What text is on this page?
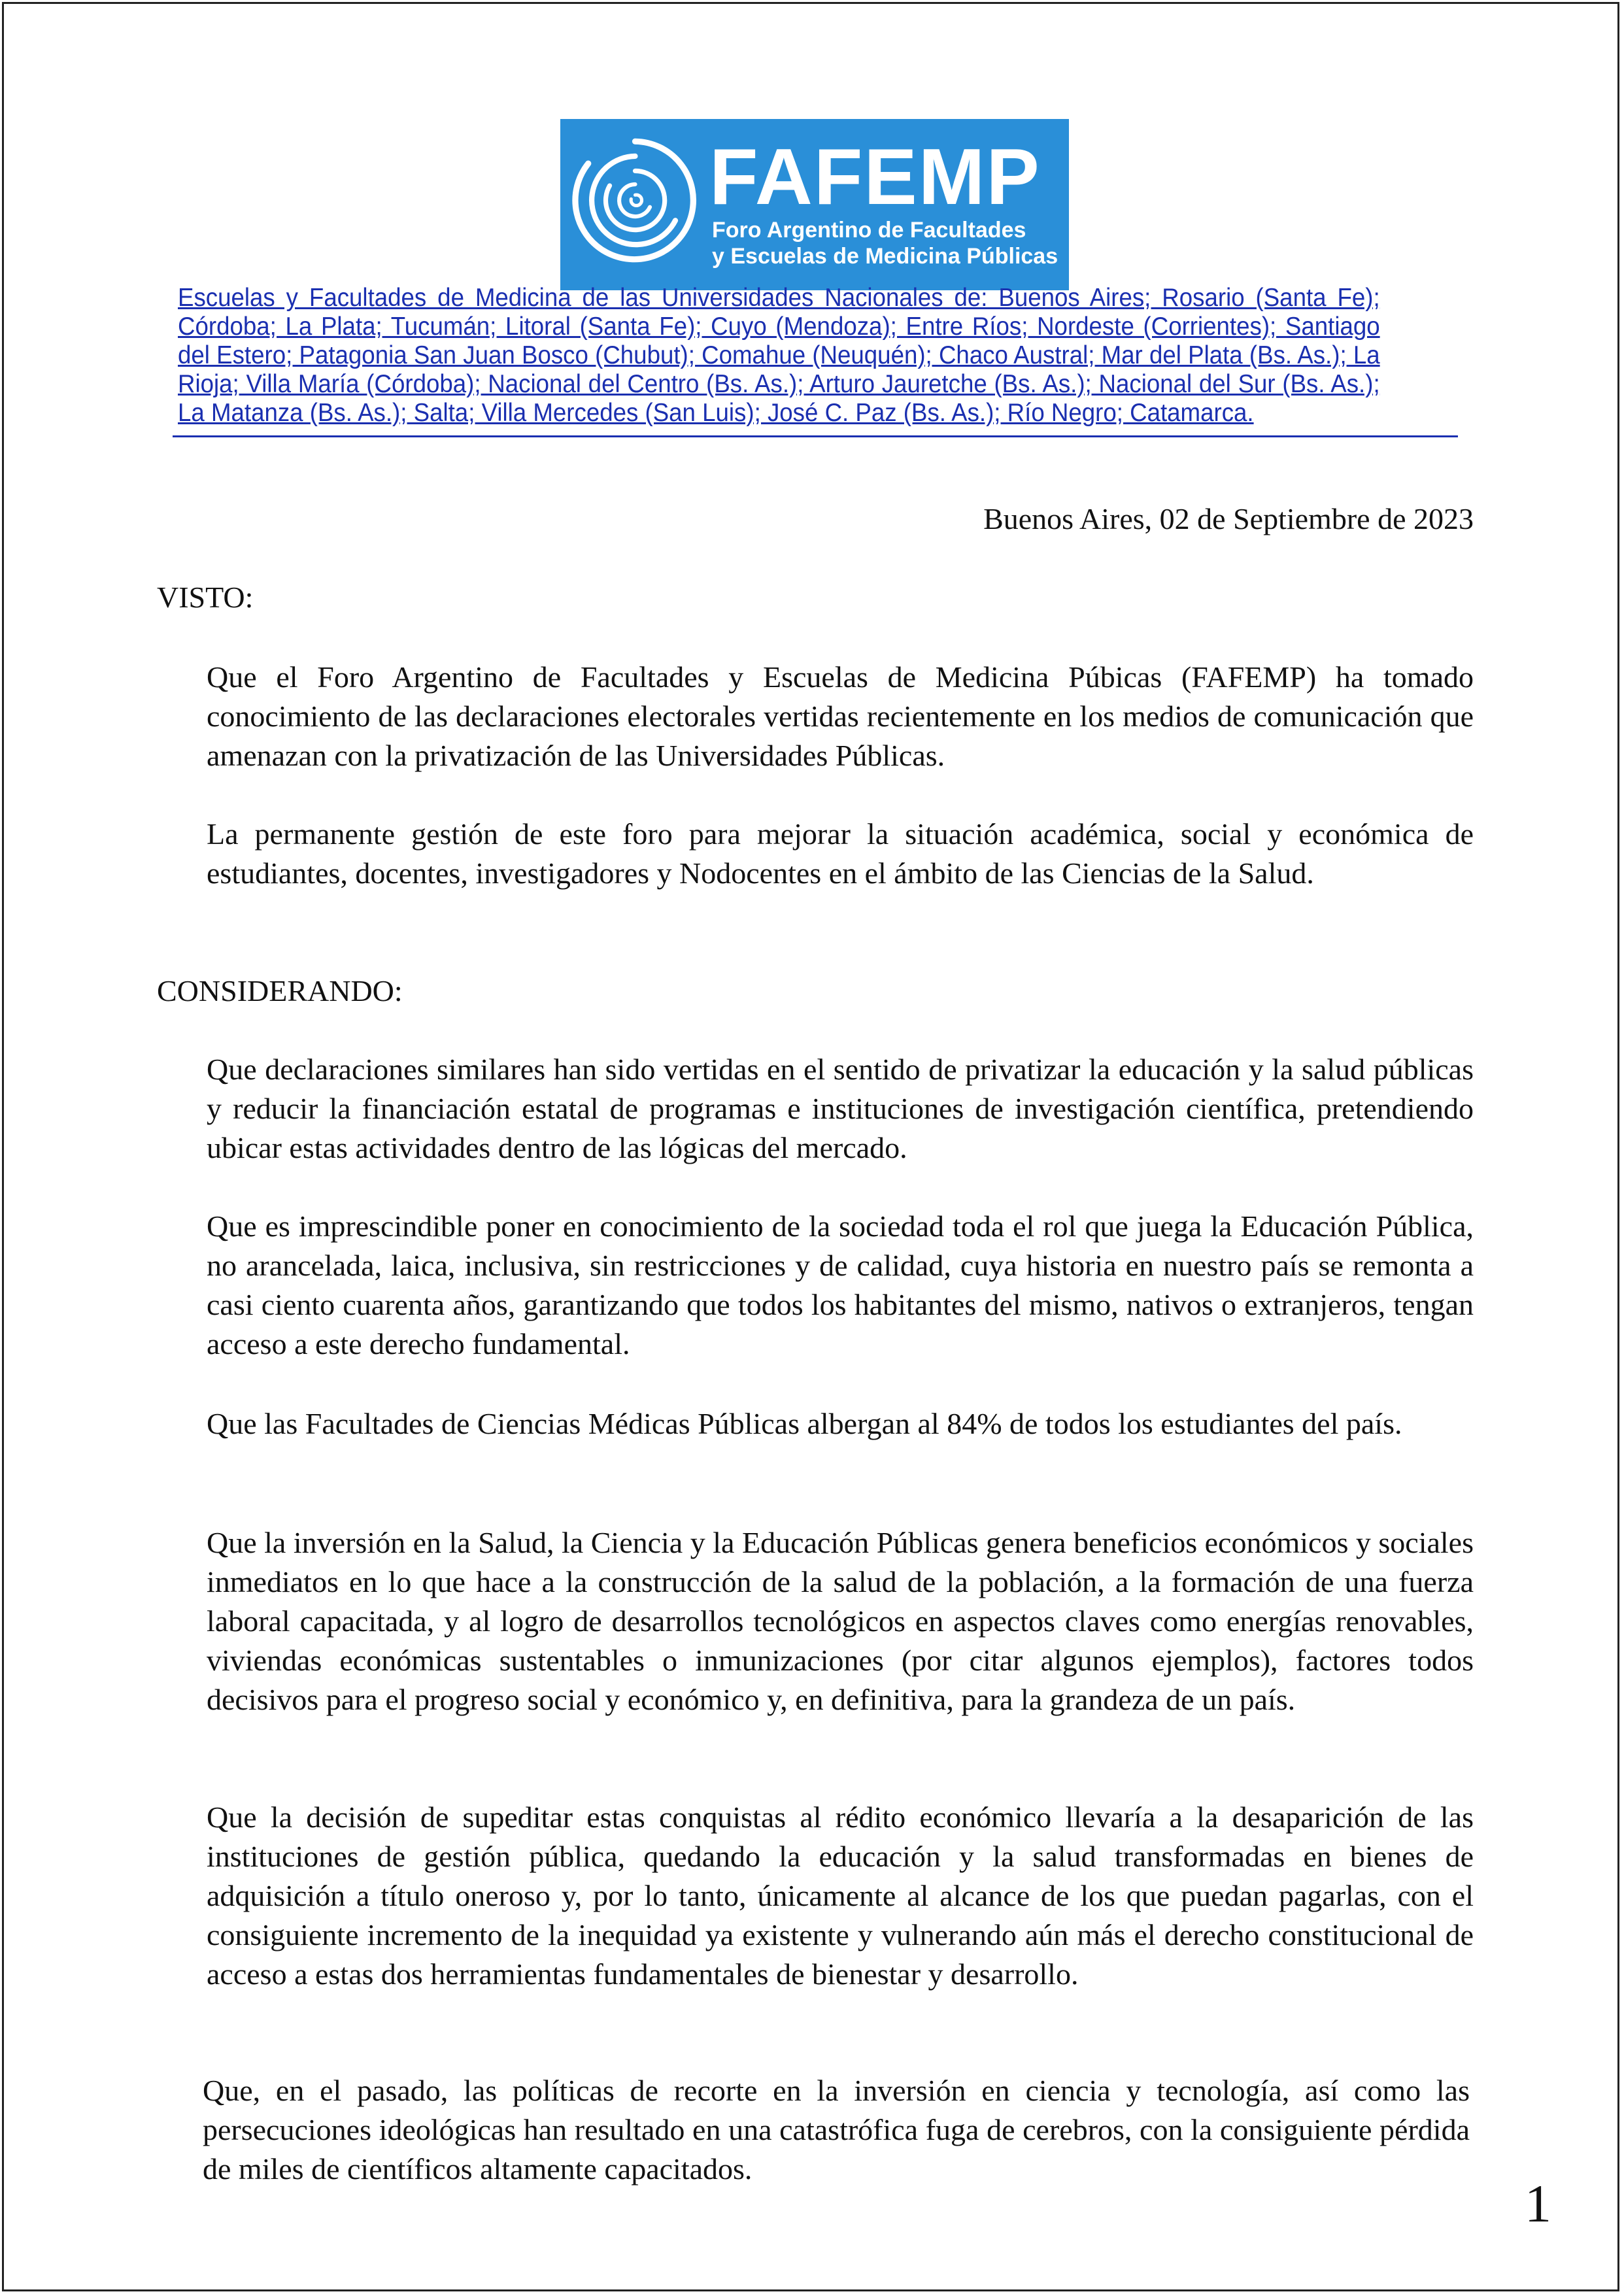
FAFEMP
Foro Argentino de Facultades
y Escuelas de Medicina Públicas
Escuelas y Facultades de Medicina de las Universidades Nacionales de: Buenos Aires; Rosario (Santa Fe); Córdoba; La Plata; Tucumán; Litoral (Santa Fe); Cuyo (Mendoza); Entre Ríos; Nordeste (Corrientes); Santiago del Estero; Patagonia San Juan Bosco (Chubut); Comahue (Neuquén); Chaco Austral; Mar del Plata (Bs. As.); La Rioja; Villa María (Córdoba); Nacional del Centro (Bs. As.); Arturo Jauretche (Bs. As.); Nacional del Sur (Bs. As.); La Matanza (Bs. As.); Salta; Villa Mercedes (San Luis); José C. Paz (Bs. As.); Río Negro; Catamarca.
Buenos Aires, 02 de Septiembre de 2023

VISTO:

Que el Foro Argentino de Facultades y Escuelas de Medicina Púbicas (FAFEMP) ha tomado conocimiento de las declaraciones electorales vertidas recientemente en los medios de comunicación que amenazan con la privatización de las Universidades Públicas.

La permanente gestión de este foro para mejorar la situación académica, social y económica de estudiantes, docentes, investigadores y Nodocentes en el ámbito de las Ciencias de la Salud.

CONSIDERANDO:

Que declaraciones similares han sido vertidas en el sentido de privatizar la educación y la salud públicas y reducir la financiación estatal de programas e instituciones de investigación científica, pretendiendo ubicar estas actividades dentro de las lógicas del mercado.

Que es imprescindible poner en conocimiento de la sociedad toda el rol que juega la Educación Pública, no arancelada, laica, inclusiva, sin restricciones y de calidad, cuya historia en nuestro país se remonta a casi ciento cuarenta años, garantizando que todos los habitantes del mismo, nativos o extranjeros, tengan acceso a este derecho fundamental.

Que las Facultades de Ciencias Médicas Públicas albergan al 84% de todos los estudiantes del país.

Que la inversión en la Salud, la Ciencia y la Educación Públicas genera beneficios económicos y sociales inmediatos en lo que hace a la construcción de la salud de la población, a la formación de una fuerza laboral capacitada, y al logro de desarrollos tecnológicos en aspectos claves como energías renovables, viviendas económicas sustentables o inmunizaciones (por citar algunos ejemplos), factores todos decisivos para el progreso social y económico y, en definitiva, para la grandeza de un país.

Que la decisión de supeditar estas conquistas al rédito económico llevaría a la desaparición de las instituciones de gestión pública, quedando la educación y la salud transformadas en bienes de adquisición a título oneroso y, por lo tanto, únicamente al alcance de los que puedan pagarlas, con el consiguiente incremento de la inequidad ya existente y vulnerando aún más el derecho constitucional de acceso a estas dos herramientas fundamentales de bienestar y desarrollo.

Que, en el pasado, las políticas de recorte en la inversión en ciencia y tecnología, así como las persecuciones ideológicas han resultado en una catastrófica fuga de cerebros, con la consiguiente pérdida de miles de científicos altamente capacitados.

1
